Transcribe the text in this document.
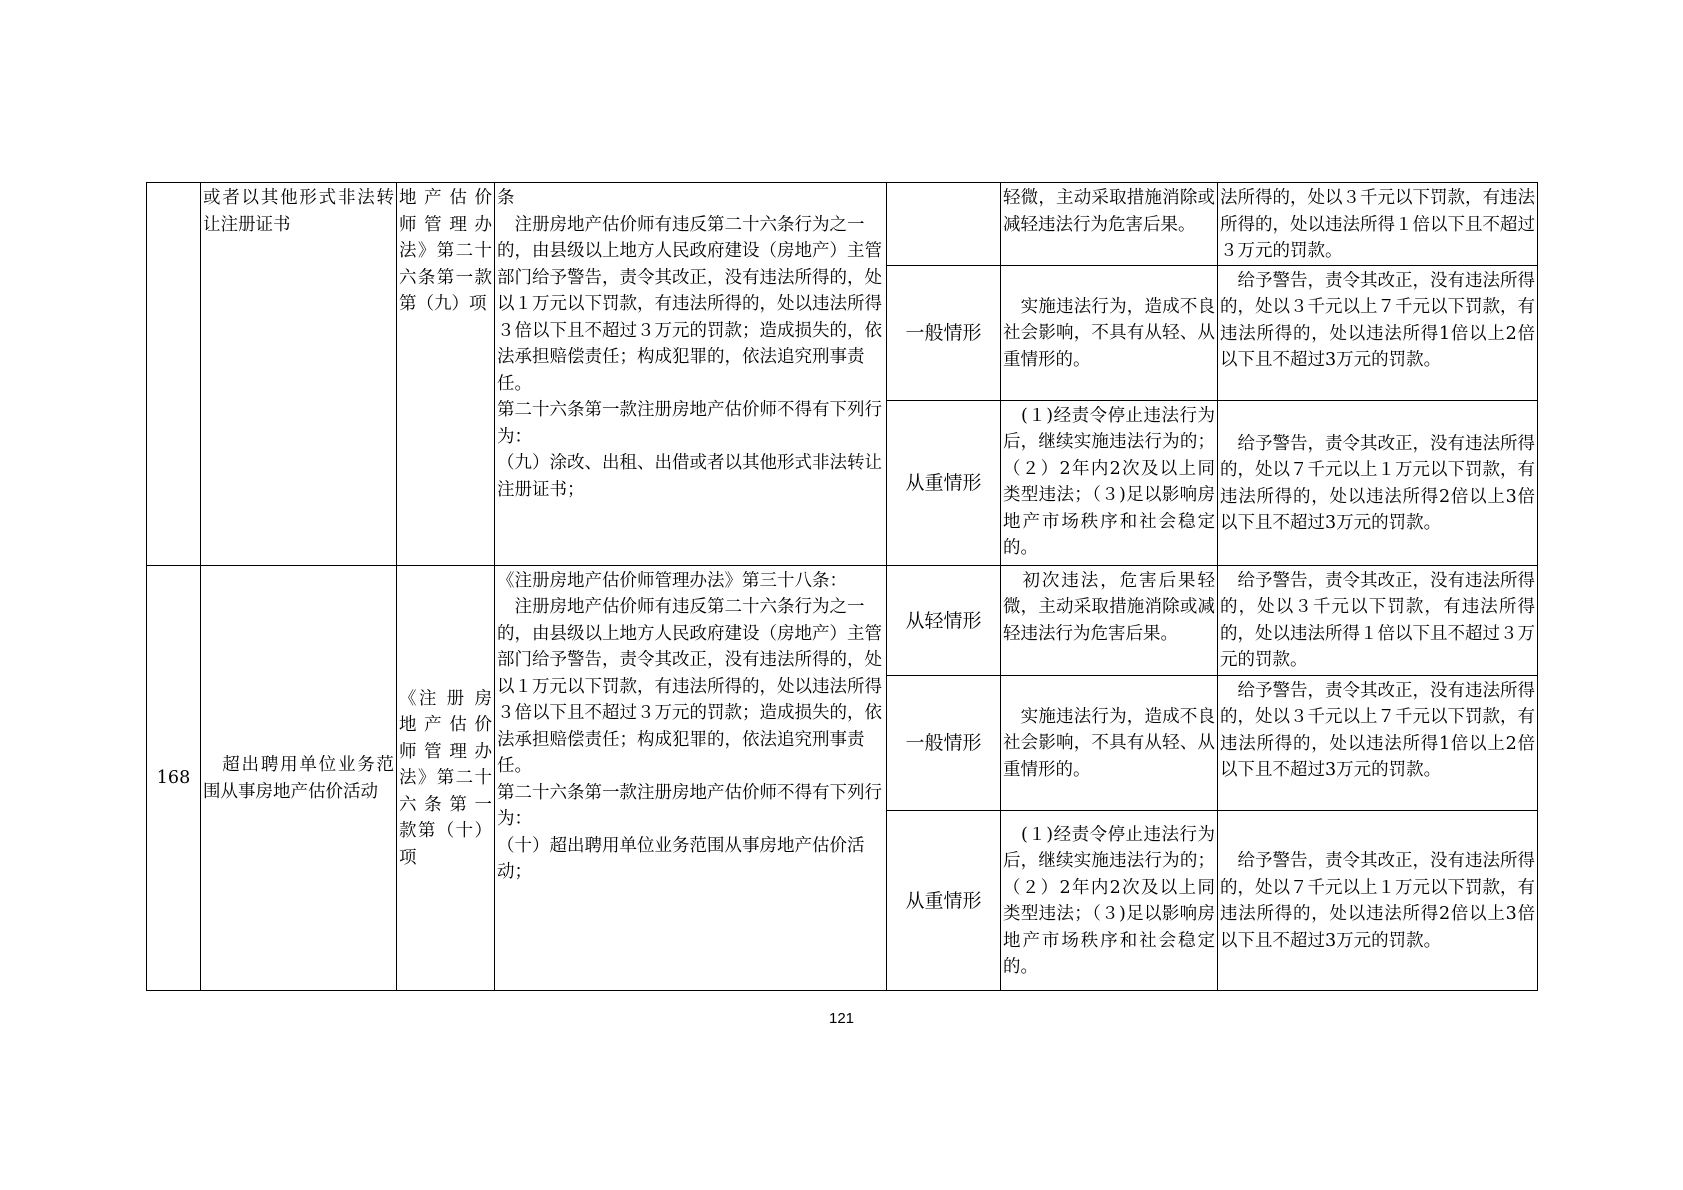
	或者以其他形式非法转让注册证书	地 产 估 价师 管 理 办法》第二十六条第一款第（九）项	条
　注册房地产估价师有违反第二十六条行为之一的，由县级以上地方人民政府建设（房地产）主管部门给予警告，责令其改正，没有违法所得的，处以１万元以下罚款，有违法所得的，处以违法所得３倍以下且不超过３万元的罚款；造成损失的，依法承担赔偿责任；构成犯罪的，依法追究刑事责任。
第二十六条第一款注册房地产估价师不得有下列行为：
（九）涂改、出租、出借或者以其他形式非法转让注册证书；		轻微，主动采取措施消除或减轻违法行为危害后果。	法所得的，处以３千元以下罚款，有违法所得的，处以违法所得１倍以下且不超过３万元的罚款。
				一般情形	　实施违法行为，造成不良社会影响，不具有从轻、从重情形的。	　给予警告，责令其改正，没有违法所得的，处以３千元以上７千元以下罚款，有违法所得的，处以违法所得1倍以上2倍以下且不超过3万元的罚款。
				从重情形	　(１)经责令停止违法行为后，继续实施违法行为的；（２）2年内2次及以上同类型违法；（３)足以影响房地产市场秩序和社会稳定的。	　给予警告，责令其改正，没有违法所得的，处以７千元以上１万元以下罚款，有违法所得的，处以违法所得2倍以上3倍以下且不超过3万元的罚款。
168	　超出聘用单位业务范围从事房地产估价活动	《注 册 房地 产 估 价师 管 理 办法》第二十六 条 第 一款第（十）项	《注册房地产估价师管理办法》第三十八条：
　注册房地产估价师有违反第二十六条行为之一的，由县级以上地方人民政府建设（房地产）主管部门给予警告，责令其改正，没有违法所得的，处以１万元以下罚款，有违法所得的，处以违法所得３倍以下且不超过３万元的罚款；造成损失的，依法承担赔偿责任；构成犯罪的，依法追究刑事责任。
第二十六条第一款注册房地产估价师不得有下列行为：
（十）超出聘用单位业务范围从事房地产估价活动；	从轻情形	　初次违法，危害后果轻微，主动采取措施消除或减轻违法行为危害后果。	　给予警告，责令其改正，没有违法所得的，处以３千元以下罚款，有违法所得的，处以违法所得１倍以下且不超过３万元的罚款。
				一般情形	　实施违法行为，造成不良社会影响，不具有从轻、从重情形的。	　给予警告，责令其改正，没有违法所得的，处以３千元以上７千元以下罚款，有违法所得的，处以违法所得1倍以上2倍以下且不超过3万元的罚款。
				从重情形	　(１)经责令停止违法行为后，继续实施违法行为的；（２）2年内2次及以上同类型违法；（３)足以影响房地产市场秩序和社会稳定的。	　给予警告，责令其改正，没有违法所得的，处以７千元以上１万元以下罚款，有违法所得的，处以违法所得2倍以上3倍以下且不超过3万元的罚款。
121
